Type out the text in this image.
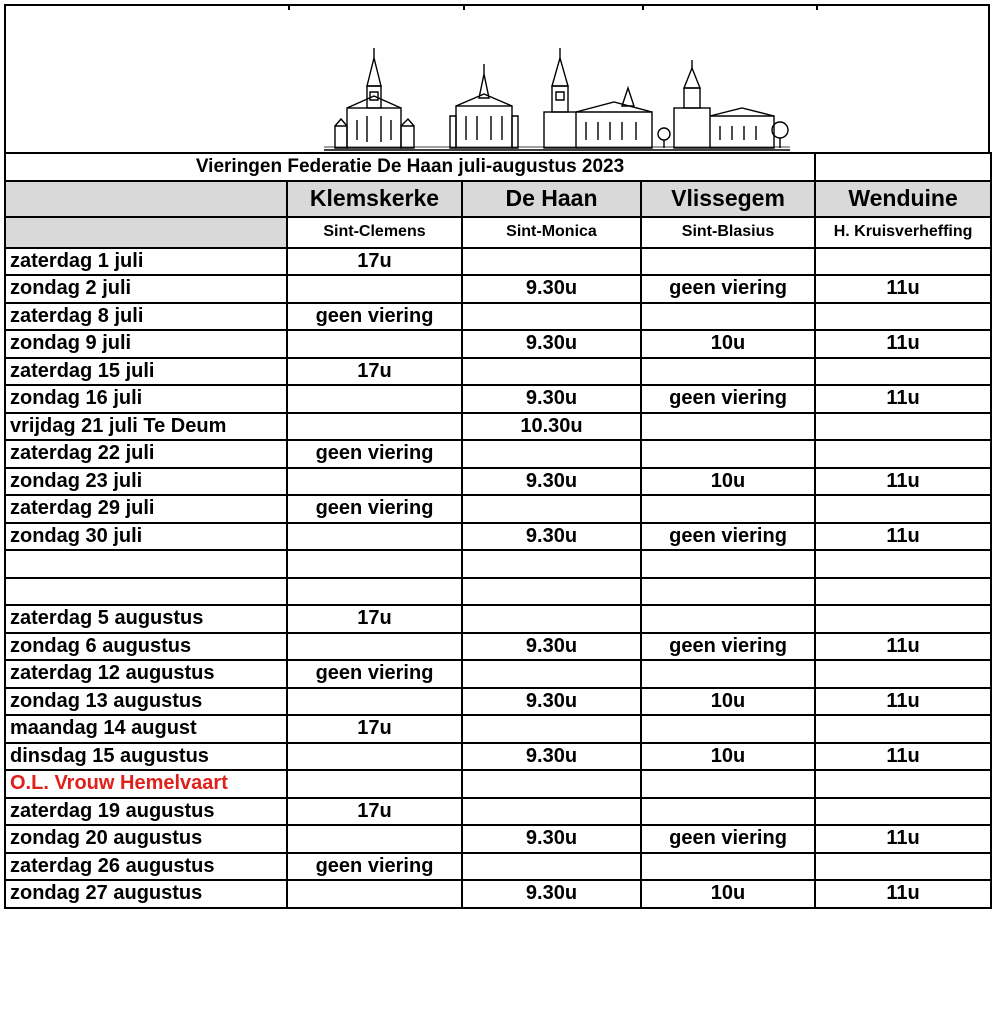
Vieringen Federatie De Haan juli-augustus 2023				
	Klemskerke	De Haan	Vlissegem	Wenduine
	Sint-Clemens	Sint-Monica	Sint-Blasius	H. Kruisverheffing
zaterdag 1 juli	17u			
zondag 2 juli		9.30u	geen viering	11u
zaterdag 8 juli	geen viering			
zondag 9 juli		9.30u	10u	11u
zaterdag 15 juli	17u			
zondag 16 juli		9.30u	geen viering	11u
vrijdag 21 juli Te Deum		10.30u		
zaterdag 22 juli	geen viering			
zondag 23 juli		9.30u	10u	11u
zaterdag 29 juli	geen viering			
zondag 30 juli		9.30u	geen viering	11u

zaterdag 5 augustus	17u			
zondag 6 augustus		9.30u	geen viering	11u
zaterdag 12 augustus	geen viering			
zondag 13 augustus		9.30u	10u	11u
maandag 14 august	17u			
dinsdag 15 augustus		9.30u	10u	11u
O.L. Vrouw Hemelvaart				
zaterdag 19 augustus	17u			
zondag 20 augustus		9.30u	geen viering	11u
zaterdag 26 augustus	geen viering			
zondag 27 augustus		9.30u	10u	11u
